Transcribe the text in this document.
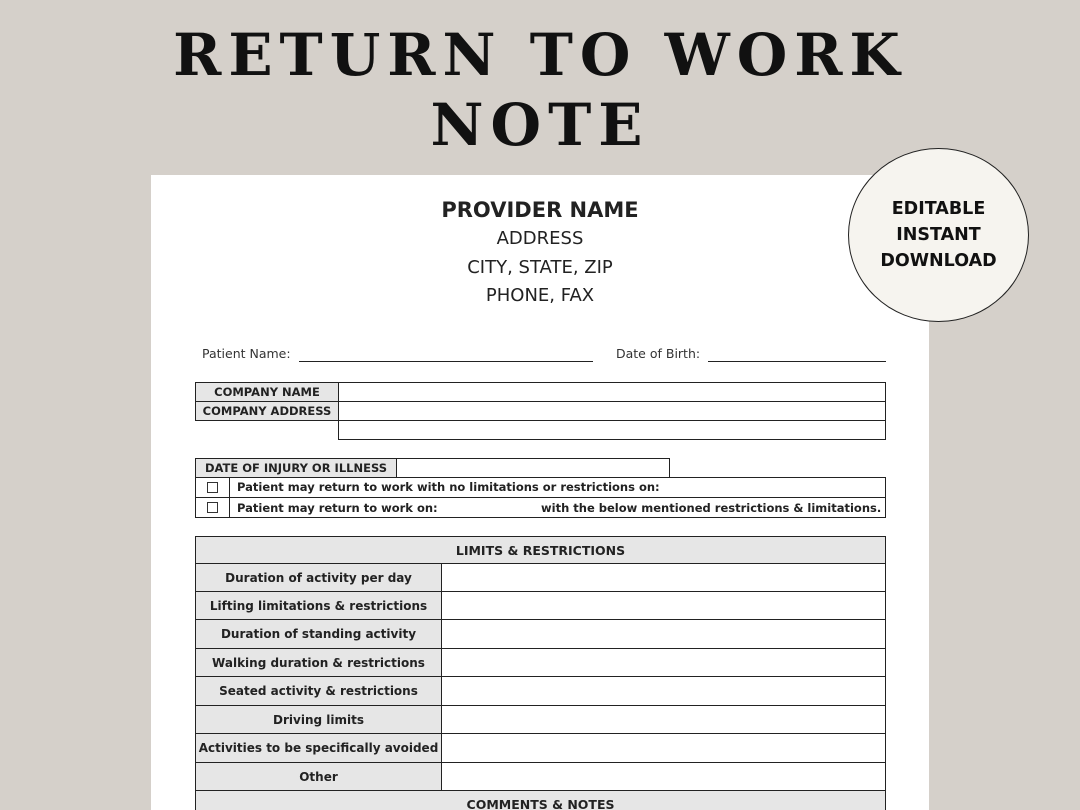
RETURN TO WORK
NOTE
PROVIDER NAME
ADDRESS
CITY, STATE, ZIP
PHONE, FAX
Patient Name:	Date of Birth:
COMPANY NAME
COMPANY ADDRESS
DATE OF INJURY OR ILLNESS
Patient may return to work with no limitations or restrictions on:
Patient may return to work on:	with the below mentioned restrictions & limitations.
LIMITS & RESTRICTIONS
Duration of activity per day
Lifting limitations & restrictions
Duration of standing activity
Walking duration & restrictions
Seated activity & restrictions
Driving limits
Activities to be specifically avoided
Other
COMMENTS & NOTES
EDITABLE
INSTANT
DOWNLOAD
